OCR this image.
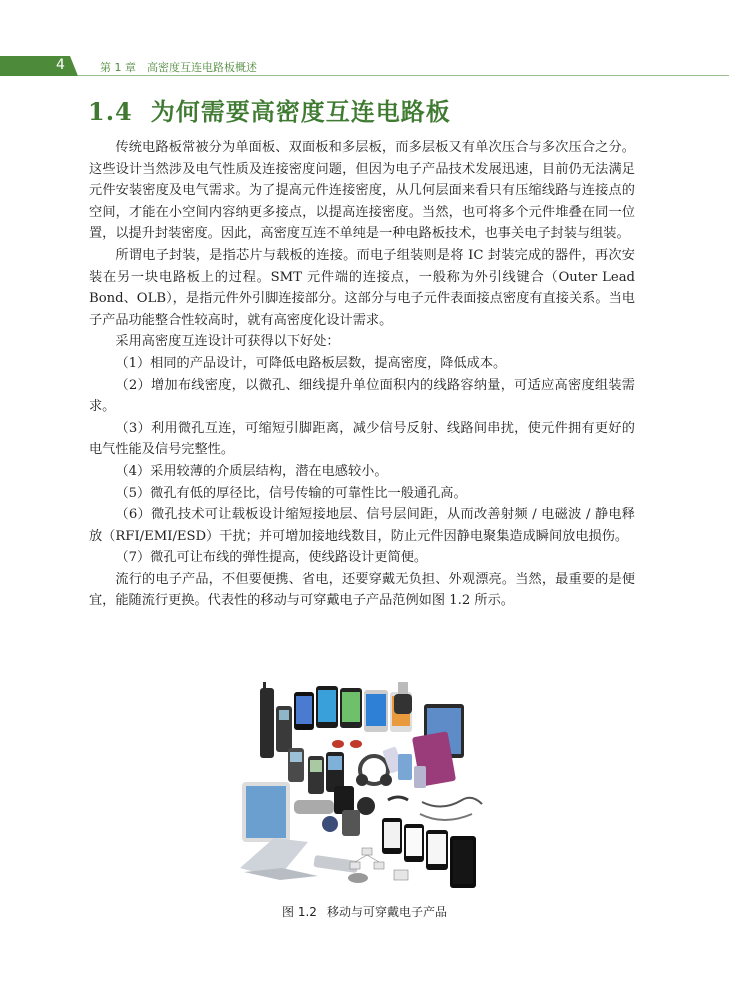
4	第 1 章　高密度互连电路板概述
1.4 为何需要高密度互连电路板

传统电路板常被分为单面板、双面板和多层板，而多层板又有单次压合与多次压合之分。这些设计当然涉及电气性质及连接密度问题，但因为电子产品技术发展迅速，目前仍无法满足元件安装密度及电气需求。为了提高元件连接密度，从几何层面来看只有压缩线路与连接点的空间，才能在小空间内容纳更多接点，以提高连接密度。当然，也可将多个元件堆叠在同一位置，以提升封装密度。因此，高密度互连不单纯是一种电路板技术，也事关电子封装与组装。

所谓电子封装，是指芯片与载板的连接。而电子组装则是将 IC 封装完成的器件，再次安装在另一块电路板上的过程。SMT 元件端的连接点，一般称为外引线键合（Outer Lead Bond、OLB），是指元件外引脚连接部分。这部分与电子元件表面接点密度有直接关系。当电子产品功能整合性较高时，就有高密度化设计需求。

采用高密度互连设计可获得以下好处：

（1）相同的产品设计，可降低电路板层数，提高密度，降低成本。

（2）增加布线密度，以微孔、细线提升单位面积内的线路容纳量，可适应高密度组装需求。

（3）利用微孔互连，可缩短引脚距离，减少信号反射、线路间串扰，使元件拥有更好的电气性能及信号完整性。

（4）采用较薄的介质层结构，潜在电感较小。

（5）微孔有低的厚径比，信号传输的可靠性比一般通孔高。

（6）微孔技术可让载板设计缩短接地层、信号层间距，从而改善射频 / 电磁波 / 静电释放（RFI/EMI/ESD）干扰；并可增加接地线数目，防止元件因静电聚集造成瞬间放电损伤。

（7）微孔可让布线的弹性提高，使线路设计更简便。

流行的电子产品，不但要便携、省电，还要穿戴无负担、外观漂亮。当然，最重要的是便宜，能随流行更换。代表性的移动与可穿戴电子产品范例如图 1.2 所示。

图 1.2 移动与可穿戴电子产品
